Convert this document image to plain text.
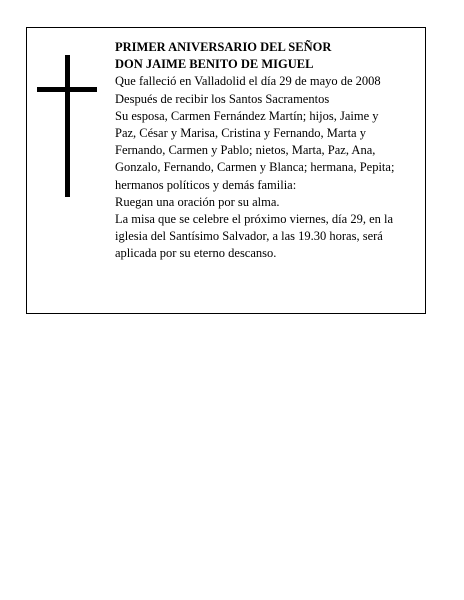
PRIMER ANIVERSARIO DEL SEÑOR
DON JAIME BENITO DE MIGUEL
Que falleció en Valladolid el día 29 de mayo de 2008
Después de recibir los Santos Sacramentos
Su esposa, Carmen Fernández Martín; hijos, Jaime y
Paz, César y Marisa, Cristina y Fernando, Marta y
Fernando, Carmen y Pablo; nietos, Marta, Paz, Ana,
Gonzalo, Fernando, Carmen y Blanca; hermana, Pepita;
hermanos políticos y demás familia:
Ruegan una oración por su alma.
La misa que se celebre el próximo viernes, día 29, en la
iglesia del Santísimo Salvador, a las 19.30 horas, será
aplicada por su eterno descanso.
